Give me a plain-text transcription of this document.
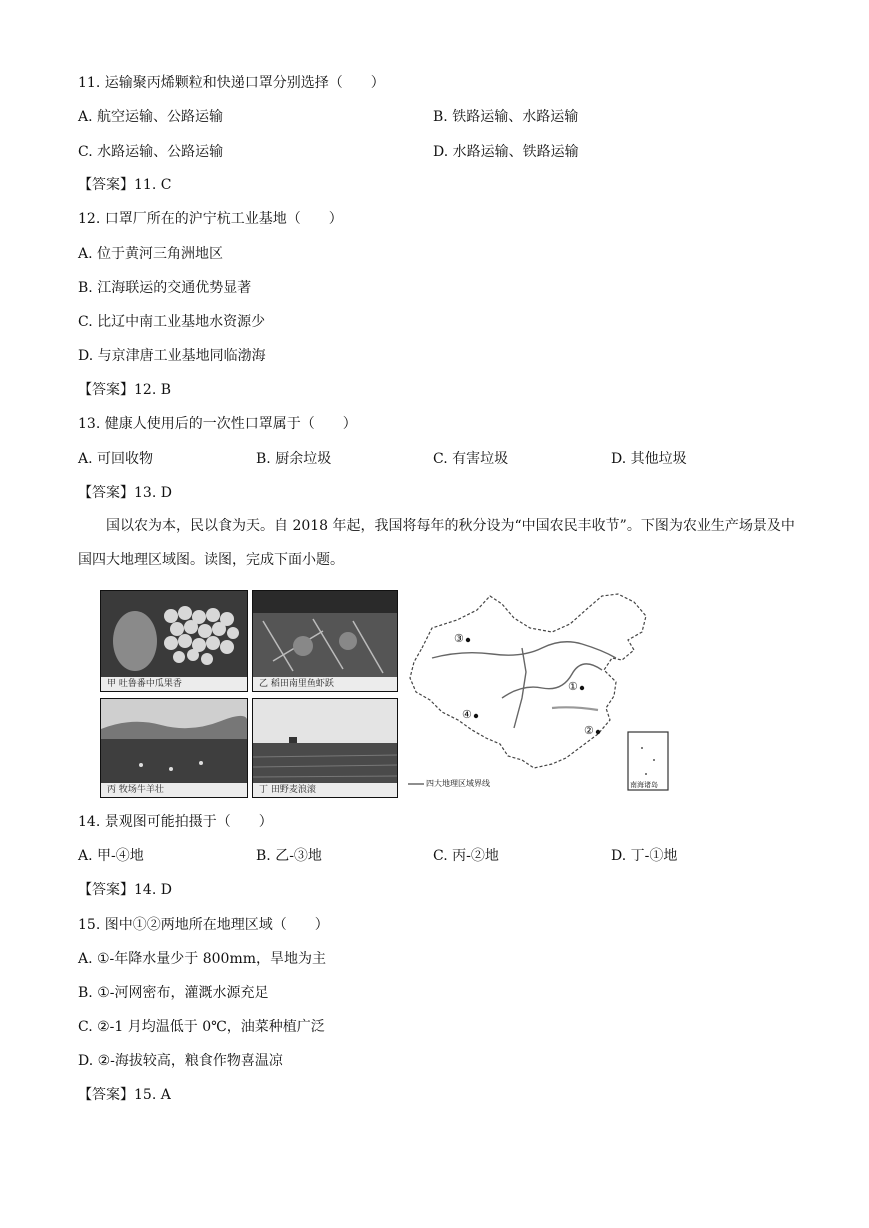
11. 运输聚丙烯颗粒和快递口罩分别选择（　　）
A. 航空运输、公路运输	B. 铁路运输、水路运输
C. 水路运输、公路运输	D. 水路运输、铁路运输
【答案】11. C
12. 口罩厂所在的沪宁杭工业基地（　　）
A. 位于黄河三角洲地区
B. 江海联运的交通优势显著
C. 比辽中南工业基地水资源少
D. 与京津唐工业基地同临渤海
【答案】12. B
13. 健康人使用后的一次性口罩属于（　　）
A. 可回收物	B. 厨余垃圾	C. 有害垃圾	D. 其他垃圾
【答案】13. D
国以农为本，民以食为天。自 2018 年起，我国将每年的秋分设为“中国农民丰收节”。下图为农业生产场景及中国四大地理区域图。读图，完成下面小题。
甲 吐鲁番中瓜果香	乙 稻田南里鱼虾跃
丙 牧场牛羊壮	丁 田野麦浪滚
③
①
②
④
四大地理区域界线	南海诸岛
14. 景观图可能拍摄于（　　）
A. 甲-④地	B. 乙-③地	C. 丙-②地	D. 丁-①地
【答案】14. D
15. 图中①②两地所在地理区域（　　）
A. ①-年降水量少于 800mm，旱地为主
B. ①-河网密布，灌溉水源充足
C. ②-1 月均温低于 0℃，油菜种植广泛
D. ②-海拔较高，粮食作物喜温凉
【答案】15. A
